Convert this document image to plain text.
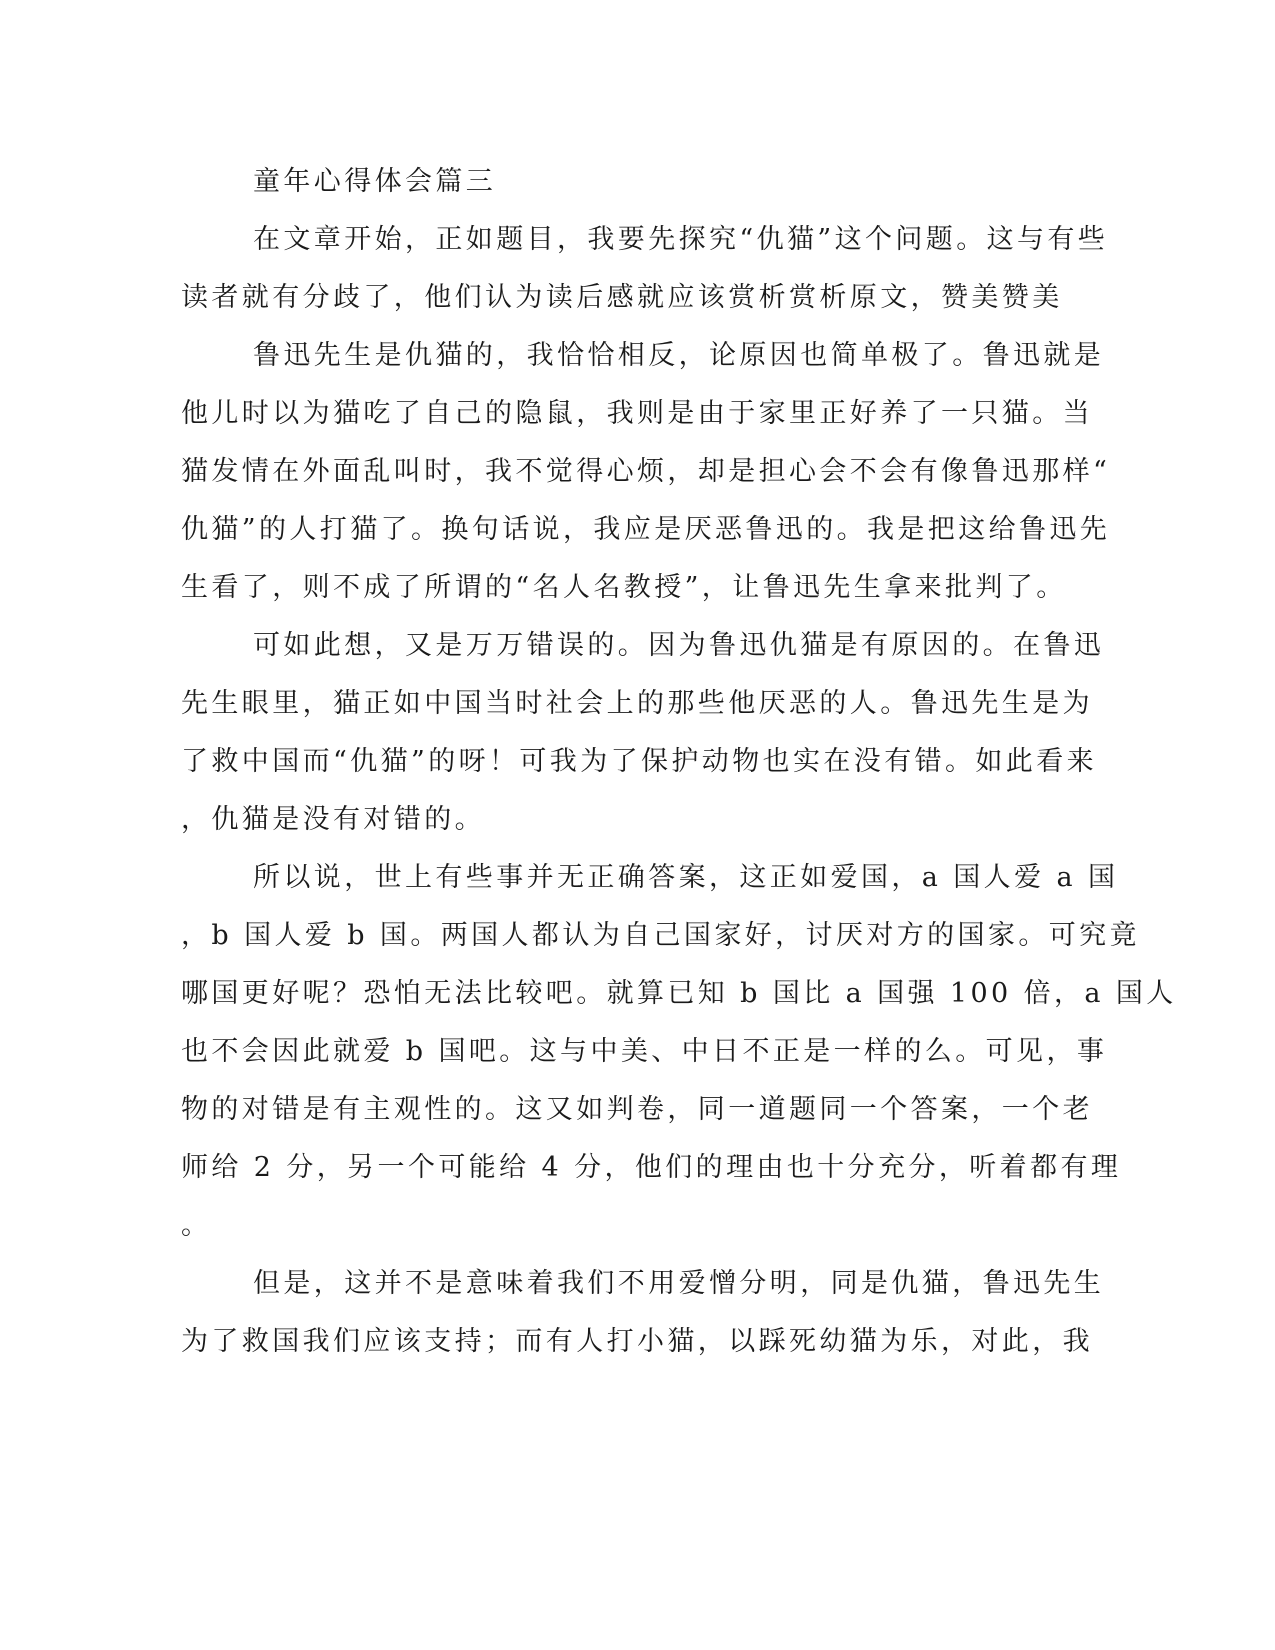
童年心得体会篇三

在文章开始，正如题目，我要先探究“仇猫”这个问题。这与有些

读者就有分歧了，他们认为读后感就应该赏析赏析原文，赞美赞美

鲁迅先生是仇猫的，我恰恰相反，论原因也简单极了。鲁迅就是

他儿时以为猫吃了自己的隐鼠，我则是由于家里正好养了一只猫。当

猫发情在外面乱叫时，我不觉得心烦，却是担心会不会有像鲁迅那样“

仇猫”的人打猫了。换句话说，我应是厌恶鲁迅的。我是把这给鲁迅先

生看了，则不成了所谓的“名人名教授”，让鲁迅先生拿来批判了。

可如此想，又是万万错误的。因为鲁迅仇猫是有原因的。在鲁迅

先生眼里，猫正如中国当时社会上的那些他厌恶的人。鲁迅先生是为

了救中国而“仇猫”的呀！可我为了保护动物也实在没有错。如此看来

，仇猫是没有对错的。

所以说，世上有些事并无正确答案，这正如爱国，a 国人爱 a 国

，b 国人爱 b 国。两国人都认为自己国家好，讨厌对方的国家。可究竟

哪国更好呢？恐怕无法比较吧。就算已知 b 国比 a 国强 100 倍，a 国人

也不会因此就爱 b 国吧。这与中美、中日不正是一样的么。可见，事

物的对错是有主观性的。这又如判卷，同一道题同一个答案，一个老

师给 2 分，另一个可能给 4 分，他们的理由也十分充分，听着都有理

。

但是，这并不是意味着我们不用爱憎分明，同是仇猫，鲁迅先生

为了救国我们应该支持；而有人打小猫，以踩死幼猫为乐，对此，我
